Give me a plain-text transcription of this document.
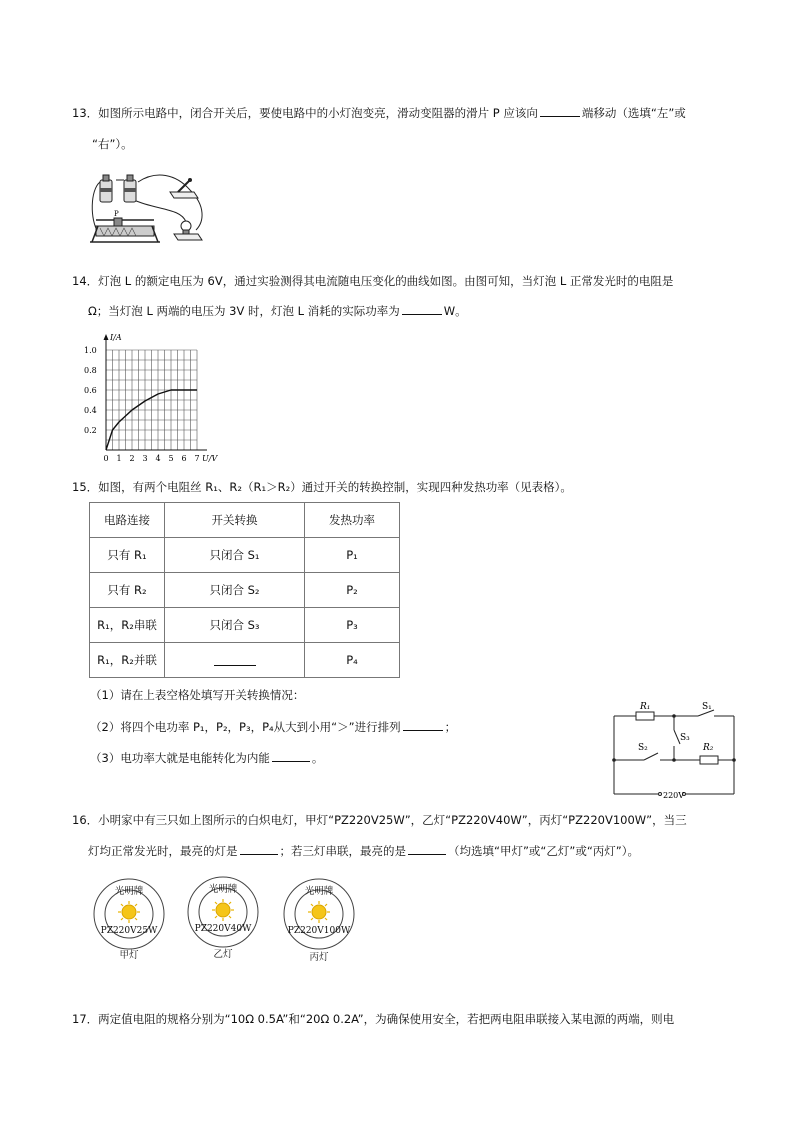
13．如图所示电路中，闭合开关后，要使电路中的小灯泡变亮，滑动变阻器的滑片 P 应该向	端移动（选填“左”或
“右”）。
P
14．灯泡 L 的额定电压为 6V，通过实验测得其电流随电压变化的曲线如图。由图可知，当灯泡 L 正常发光时的电阻是
Ω；当灯泡 L 两端的电压为 3V 时，灯泡 L 消耗的实际功率为	W。
0 1 2 3 4 5 6 7
0.2
0.4
0.6
0.8
1.0
U/V
I/A
15．如图，有两个电阻丝 R₁、R₂（R₁＞R₂）通过开关的转换控制，实现四种发热功率（见表格）。
电路连接	开关转换	发热功率
只有 R₁	只闭合 S₁	P₁
只有 R₂	只闭合 S₂	P₂
R₁，R₂串联	只闭合 S₃	P₃
R₁，R₂并联		P₄
（1）请在上表空格处填写开关转换情况：
（2）将四个电功率 P₁，P₂，P₃，P₄从大到小用“＞”进行排列	；
（3）电功率大就是电能转化为内能	。
R₁	S₁
S₃
S₂	R₂
220V
16．小明家中有三只如上图所示的白炽电灯，甲灯“PZ220V25W”，乙灯“PZ220V40W”，丙灯“PZ220V100W”，当三
灯均正常发光时，最亮的灯是	；若三灯串联，最亮的是	（均选填“甲灯”或“乙灯”或“丙灯”）。
光明牌
PZ220V25W
甲灯
光明牌
PZ220V40W
乙灯
光明牌
PZ220V100W
丙灯
17．两定值电阻的规格分别为“10Ω 0.5A”和“20Ω 0.2A”，为确保使用安全，若把两电阻串联接入某电源的两端，则电
